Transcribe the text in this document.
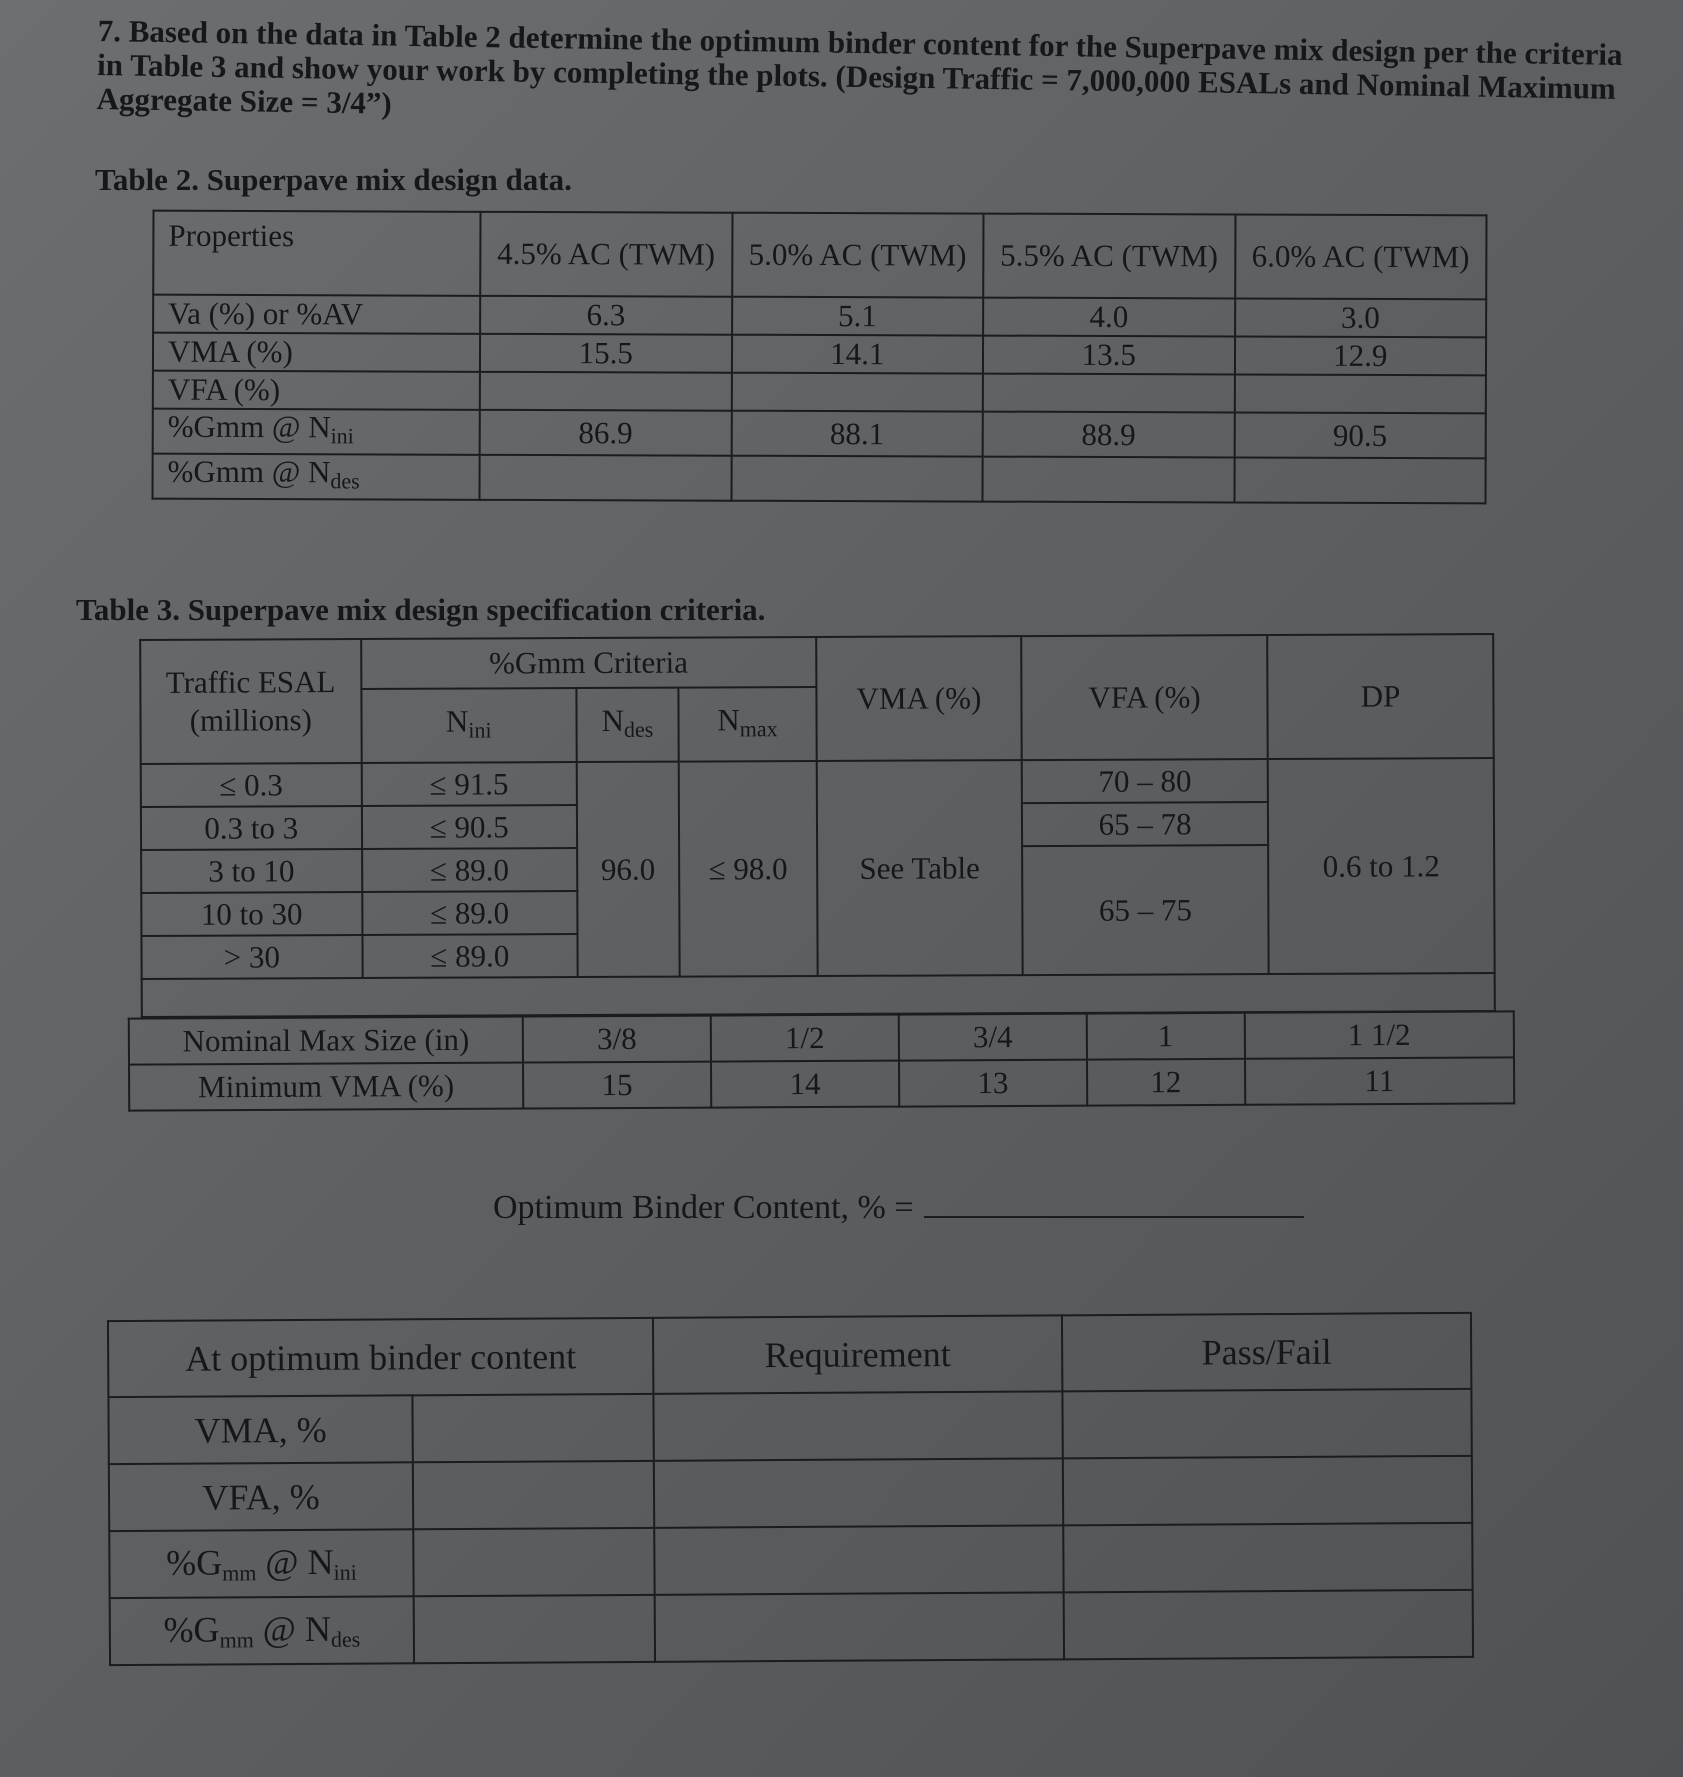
7. Based on the data in Table 2 determine the optimum binder content for the Superpave mix design per the criteria in Table 3 and show your work by completing the plots. (Design Traffic = 7,000,000 ESALs and Nominal Maximum Aggregate Size = 3/4”)
Table 2. Superpave mix design data.
Properties	4.5% AC (TWM)	5.0% AC (TWM)	5.5% AC (TWM)	6.0% AC (TWM)
Va (%) or %AV	6.3	5.1	4.0	3.0
VMA (%)	15.5	14.1	13.5	12.9
VFA (%)				
%Gmm @ $N_{ini}$	86.9	88.1	88.9	90.5
%Gmm @ $N_{des}$				
Table 3. Superpave mix design specification criteria.
Traffic ESAL (millions)	%Gmm Criteria			VMA (%)	VFA (%)	DP
	$N_{ini}$	$N_{des}$	$N_{max}$
≤ 0.3	≤ 91.5	96.0	≤ 98.0	See Table	70 – 80	0.6 to 1.2
0.3 to 3	≤ 90.5				65 – 78	
3 to 10	≤ 89.0				65 – 75	
10 to 30	≤ 89.0					
> 30	≤ 89.0					

Nominal Max Size (in)	3/8	1/2	3/4	1	1 1/2
Minimum VMA (%)	15	14	13	12	11
Optimum Binder Content, % =
At optimum binder content		Requirement	Pass/Fail
VMA, %			
VFA, %			
$\%G_{mm}$ @ $N_{ini}$			
$\%G_{mm}$ @ $N_{des}$			
